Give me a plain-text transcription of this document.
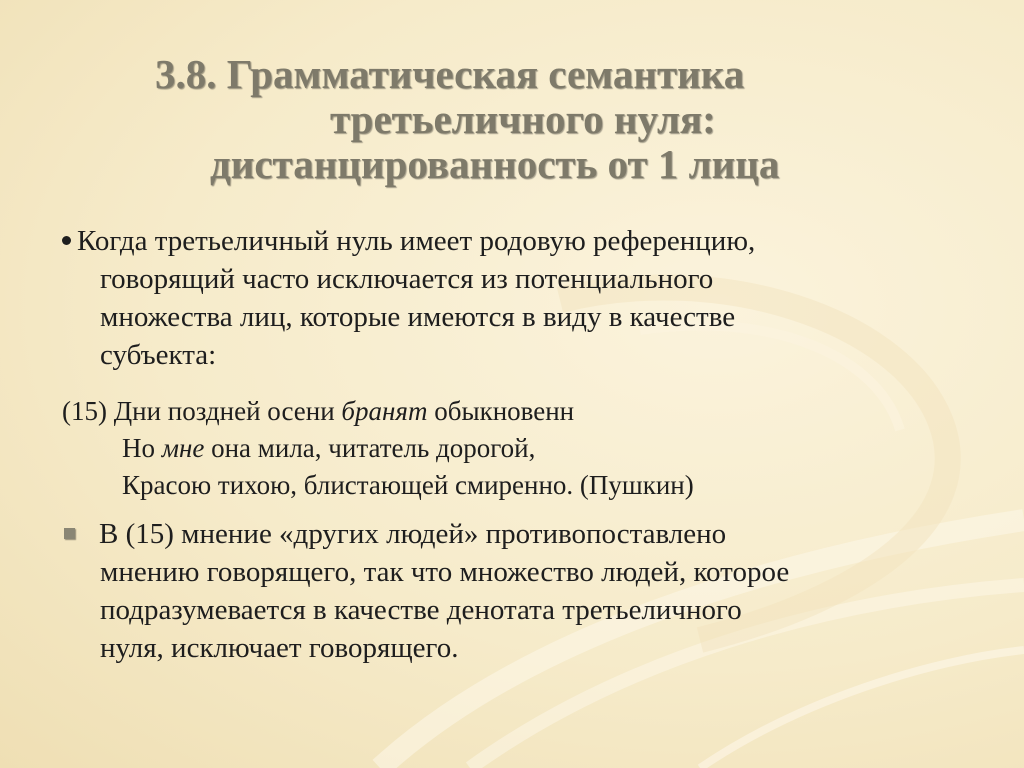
3.8. Грамматическая семантика
третьеличного нуля:
дистанцированность от 1 лица
Когда третьеличный нуль имеет родовую референцию,
говорящий часто исключается из потенциального
множества лиц, которые имеются в виду в качестве
субъекта:
(15) Дни поздней осени бранят обыкновенн
Но мне она мила, читатель дорогой,
Красою тихою, блистающей смиренно. (Пушкин)
В (15) мнение «других людей» противопоставлено
мнению говорящего, так что множество людей, которое
подразумевается в качестве денотата третьеличного
нуля, исключает говорящего.
